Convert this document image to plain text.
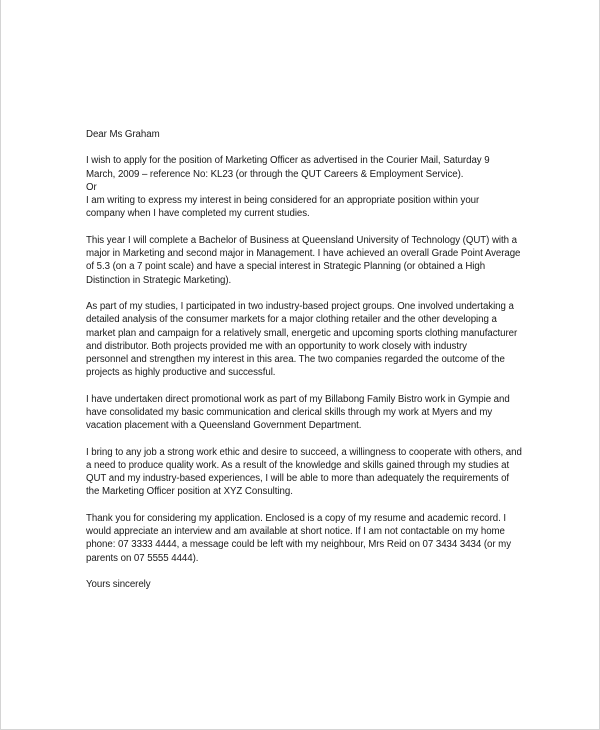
Dear Ms Graham
I wish to apply for the position of Marketing Officer as advertised in the Courier Mail, Saturday 9
March, 2009 – reference No: KL23 (or through the QUT Careers & Employment Service).
Or
I am writing to express my interest in being considered for an appropriate position within your
company when I have completed my current studies.
This year I will complete a Bachelor of Business at Queensland University of Technology (QUT) with a
major in Marketing and second major in Management. I have achieved an overall Grade Point Average
of 5.3 (on a 7 point scale) and have a special interest in Strategic Planning (or obtained a High
Distinction in Strategic Marketing).
As part of my studies, I participated in two industry-based project groups. One involved undertaking a
detailed analysis of the consumer markets for a major clothing retailer and the other developing a
market plan and campaign for a relatively small, energetic and upcoming sports clothing manufacturer
and distributor. Both projects provided me with an opportunity to work closely with industry
personnel and strengthen my interest in this area. The two companies regarded the outcome of the
projects as highly productive and successful.
I have undertaken direct promotional work as part of my Billabong Family Bistro work in Gympie and
have consolidated my basic communication and clerical skills through my work at Myers and my
vacation placement with a Queensland Government Department.
I bring to any job a strong work ethic and desire to succeed, a willingness to cooperate with others, and
a need to produce quality work. As a result of the knowledge and skills gained through my studies at
QUT and my industry-based experiences, I will be able to more than adequately the requirements of
the Marketing Officer position at XYZ Consulting.
Thank you for considering my application. Enclosed is a copy of my resume and academic record. I
would appreciate an interview and am available at short notice. If I am not contactable on my home
phone: 07 3333 4444, a message could be left with my neighbour, Mrs Reid on 07 3434 3434 (or my
parents on 07 5555 4444).
Yours sincerely
